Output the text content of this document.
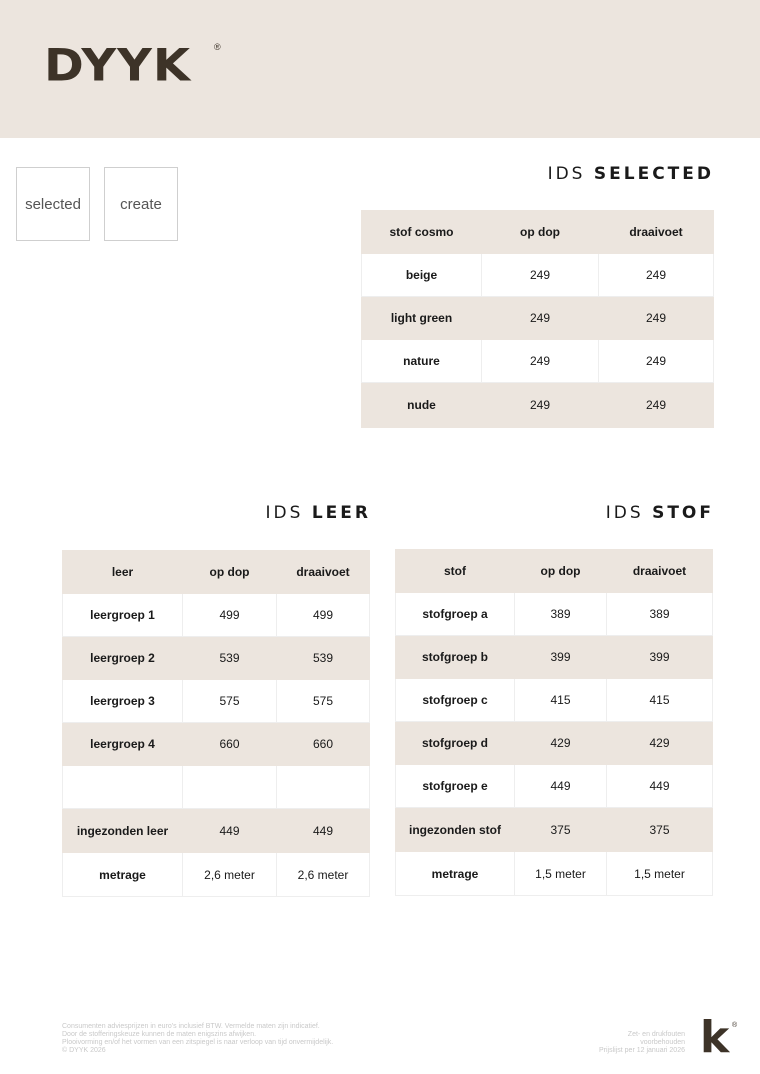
DYYK	®
selected	create
IDS SELECTED
stof cosmo	op dop	draaivoet
beige	249	249
light green	249	249
nature	249	249
nude	249	249
IDS LEER	IDS STOF
leer	op dop	draaivoet
leergroep 1	499	499
leergroep 2	539	539
leergroep 3	575	575
leergroep 4	660	660

ingezonden leer	449	449
metrage	2,6 meter	2,6 meter
stof	op dop	draaivoet
stofgroep a	389	389
stofgroep b	399	399
stofgroep c	415	415
stofgroep d	429	429
stofgroep e	449	449
ingezonden stof	375	375
metrage	1,5 meter	1,5 meter
Consumenten adviesprijzen in euro's inclusief BTW. Vermelde maten zijn indicatief.
Door de stofferingskeuze kunnen de maten enigszins afwijken.
Plooivorming en/of het vormen van een zitspiegel is naar verloop van tijd onvermijdelijk.
© DYYK 2026
Zet- en drukfouten
voorbehouden
Prijslijst per 12 januari 2026 k ®
